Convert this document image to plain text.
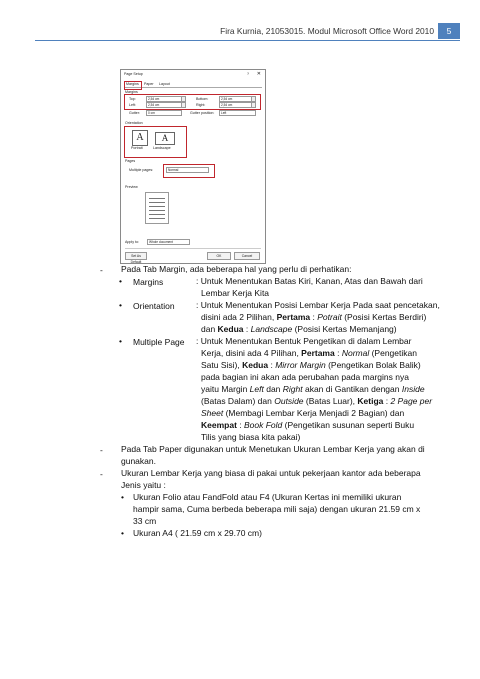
Fira Kurnia, 21053015. Modul Microsoft Office Word 2010	5
Page Setup	? ✕
Margins Paper Layout
Margins
Top:	2,54 cm	Bottom:	2,54 cm
Left:	2,54 cm	Right:	2,54 cm
Gutter:	0 cm	Gutter position:	Left
Orientation
A
Portrait
A
Landscape
Pages
Multiple pages:	Normal
Preview
Apply to:	Whole document
Set As Default
OK	Cancel
- Pada Tab Margin, ada beberapa hal yang perlu di perhatikan:
• Margins	: Untuk Menentukan Batas Kiri, Kanan, Atas dan Bawah dari
Lembar Kerja Kita
• Orientation	: Untuk Menentukan Posisi Lembar Kerja Pada saat pencetakan,
disini ada 2 Pilihan, Pertama : Potrait (Posisi Kertas Berdiri)
dan Kedua : Landscape (Posisi Kertas Memanjang)
• Multiple Page : Untuk Menentukan Bentuk Pengetikan di dalam Lembar
Kerja, disini ada 4 Pilihan, Pertama : Normal (Pengetikan
Satu Sisi), Kedua : Mirror Margin (Pengetikan Bolak Balik)
pada bagian ini akan ada perubahan pada margins nya
yaitu Margin Left dan Right akan di Gantikan dengan Inside
(Batas Dalam) dan Outside (Batas Luar), Ketiga : 2 Page per
Sheet (Membagi Lembar Kerja Menjadi 2 Bagian) dan
Keempat : Book Fold (Pengetikan susunan seperti Buku
Tilis yang biasa kita pakai)
- Pada Tab Paper digunakan untuk Menetukan Ukuran Lembar Kerja yang akan di
gunakan.
- Ukuran Lembar Kerja yang biasa di pakai untuk pekerjaan kantor ada beberapa
Jenis yaitu :
• Ukuran Folio atau FandFold atau F4 (Ukuran Kertas ini memiliki ukuran
hampir sama, Cuma berbeda beberapa mili saja) dengan ukuran 21.59 cm x
33 cm
• Ukuran A4 ( 21.59 cm x 29.70 cm)
